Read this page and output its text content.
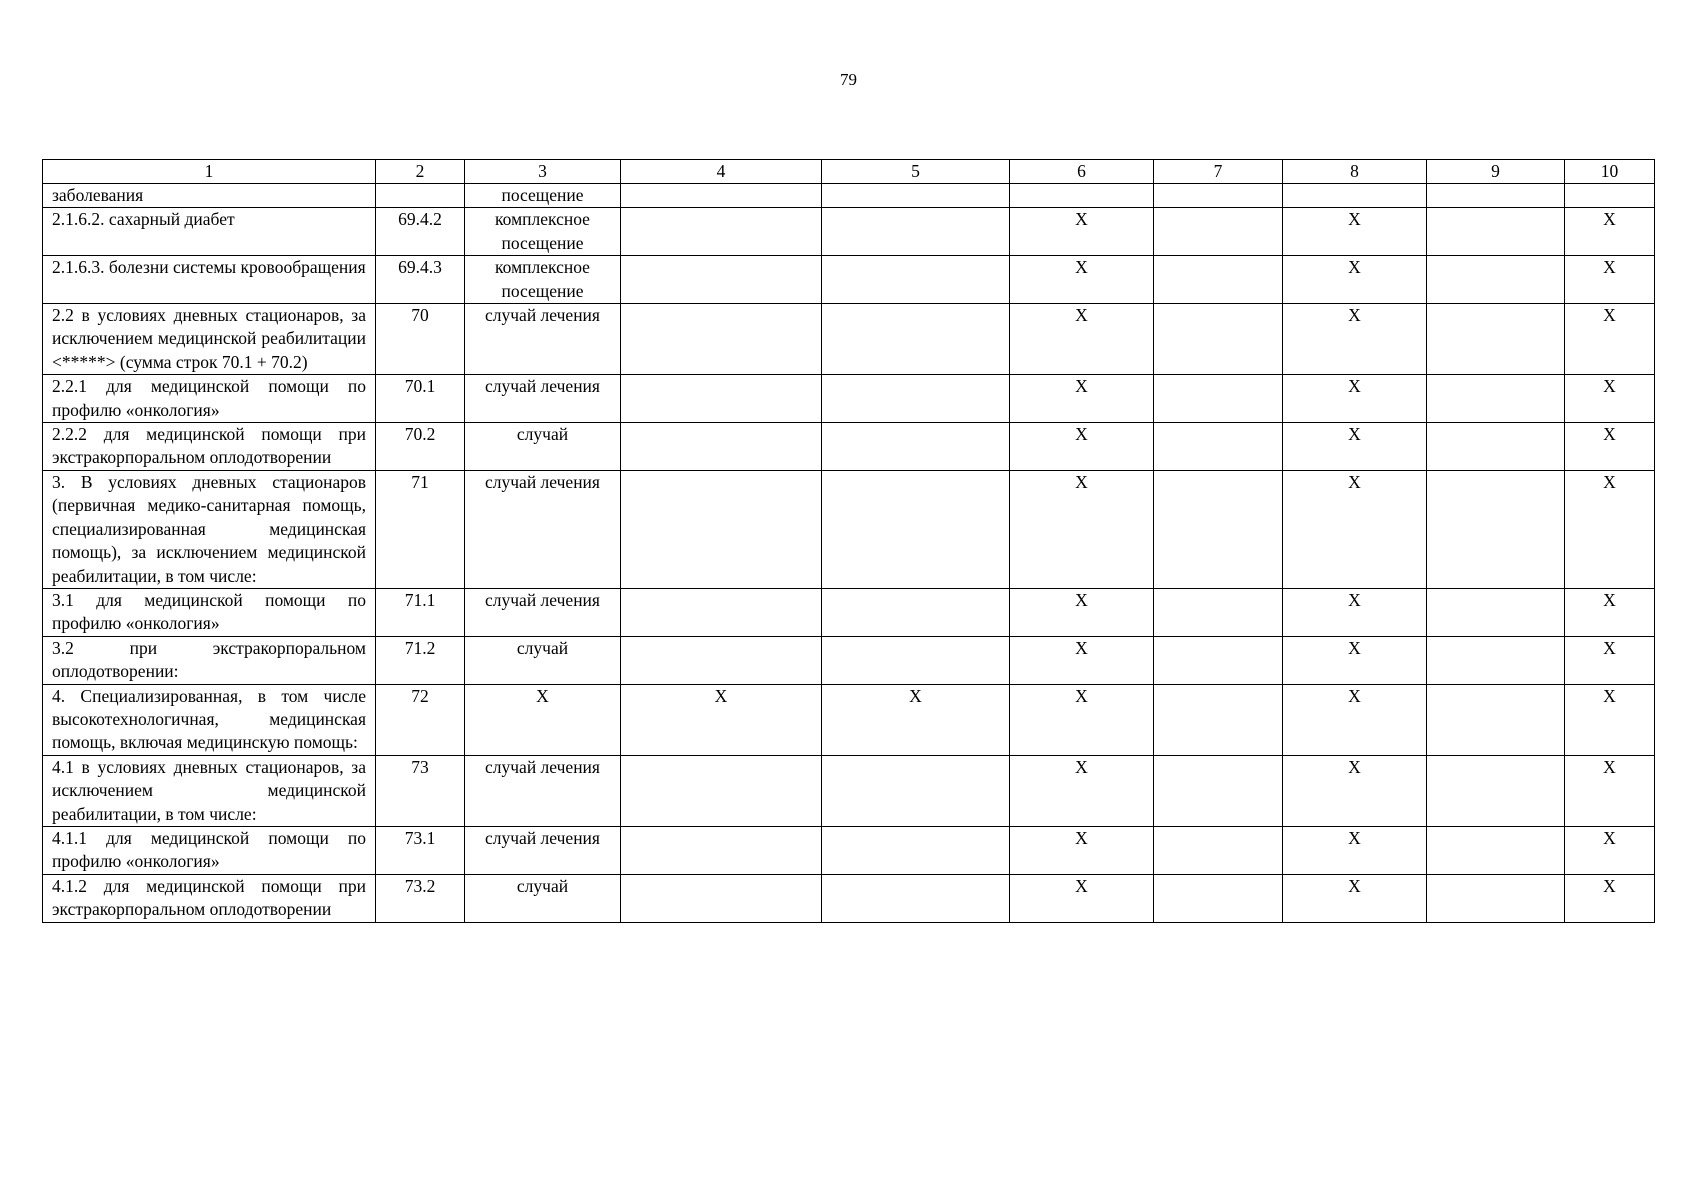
79
1	2	3	4	5	6	7	8	9	10
заболевания		посещение							
2.1.6.2. сахарный диабет	69.4.2	комплексное посещение			X		X		X
2.1.6.3. болезни системы кровообращения	69.4.3	комплексное посещение			X		X		X
2.2 в условиях дневных стационаров, за исключением медицинской реабилитации <*****> (сумма строк 70.1 + 70.2)	70	случай лечения			X		X		X
2.2.1 для медицинской помощи по профилю «онкология»	70.1	случай лечения			X		X		X
2.2.2 для медицинской помощи при экстракорпоральном оплодотворении	70.2	случай			X		X		X
3. В условиях дневных стационаров (первичная медико-санитарная помощь, специализированная медицинская помощь), за исключением медицинской реабилитации, в том числе:	71	случай лечения			X		X		X
3.1 для медицинской помощи по профилю «онкология»	71.1	случай лечения			X		X		X
3.2 при экстракорпоральном оплодотворении:	71.2	случай			X		X		X
4. Специализированная, в том числе высокотехнологичная, медицинская помощь, включая медицинскую помощь:	72	X	X	X	X		X		X
4.1 в условиях дневных стационаров, за исключением медицинской реабилитации, в том числе:	73	случай лечения			X		X		X
4.1.1 для медицинской помощи по профилю «онкология»	73.1	случай лечения			X		X		X
4.1.2 для медицинской помощи при экстракорпоральном оплодотворении	73.2	случай			X		X		X
